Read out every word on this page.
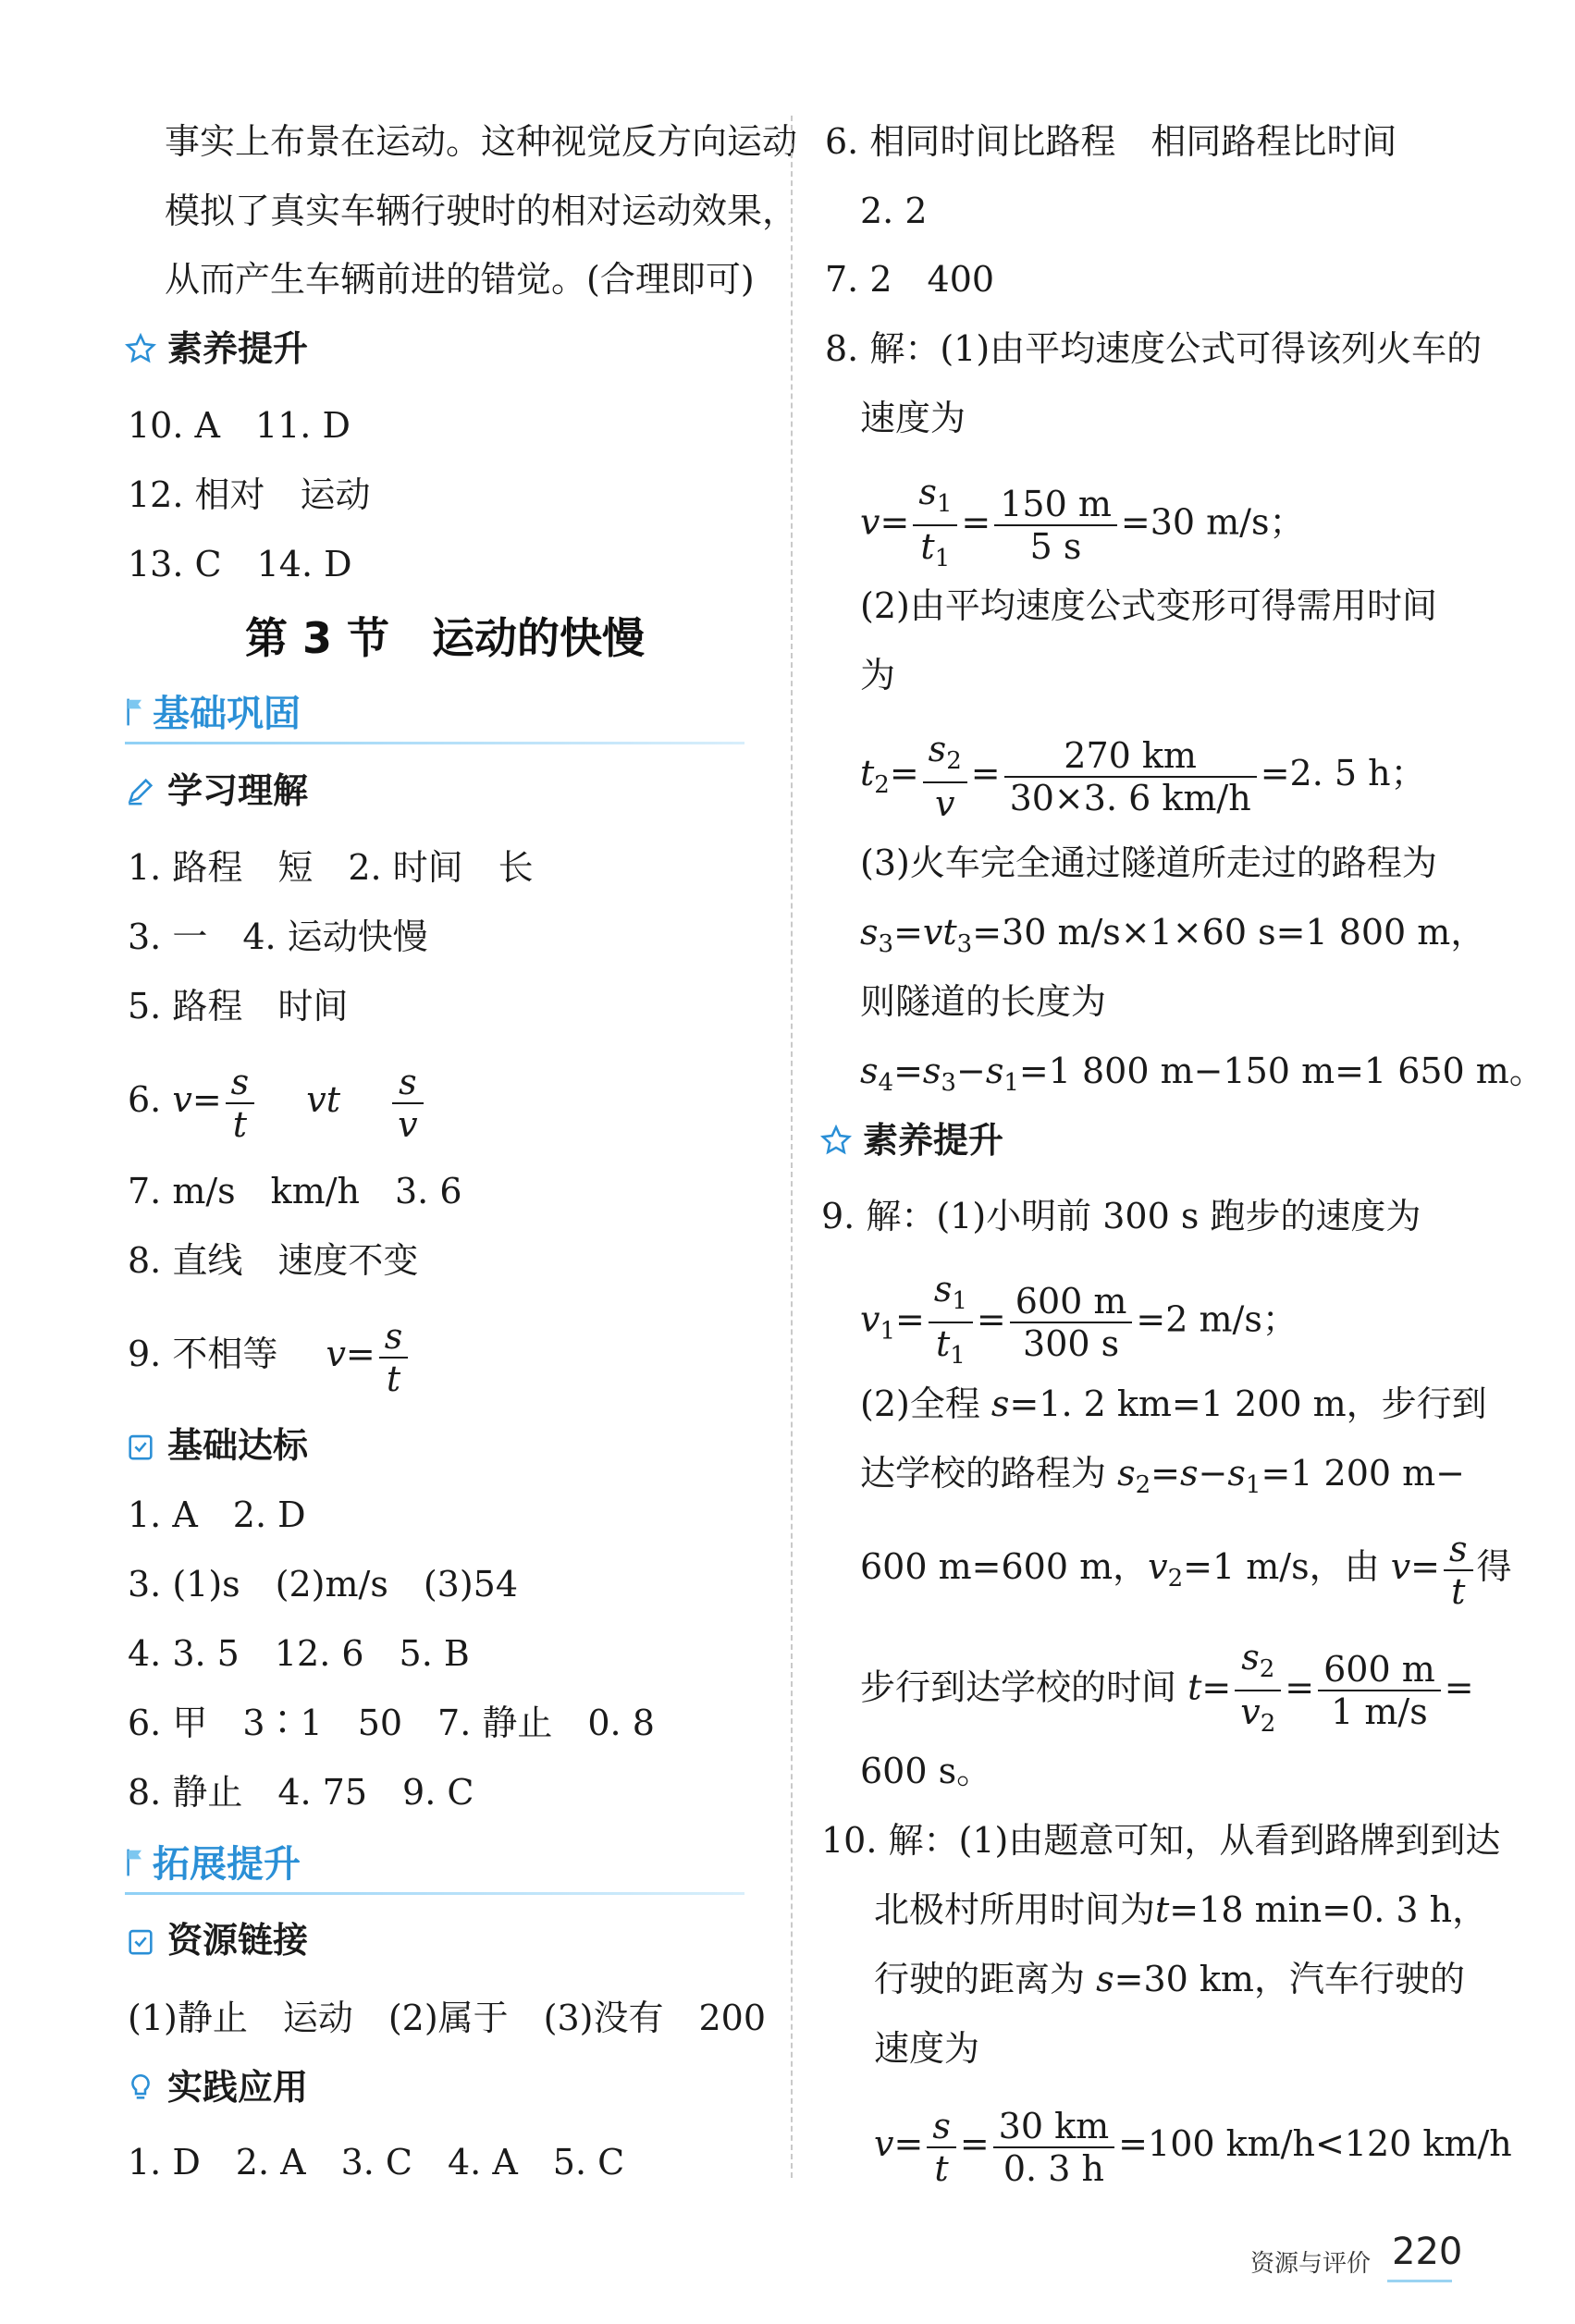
事实上布景在运动。这种视觉反方向运动
模拟了真实车辆行驶时的相对运动效果，
从而产生车辆前进的错觉。(合理即可)
素养提升
10. A　11. D
12. 相对　运动
13. C　14. D
第 3 节　运动的快慢
基础巩固
学习理解
1. 路程　短　2. 时间　长
3. 一　4. 运动快慢
5. 路程　时间
6. $v= \frac{s}{t}$ vt $\frac{s}{v}$
7. m/s　km/h　3. 6
8. 直线　速度不变
9. 不相等 $v= \frac{s}{t}$
基础达标
1. A　2. D
3. (1)s　(2)m/s　(3)54
4. 3. 5　12. 6　5. B
6. 甲　3∶1　50　7. 静止　0. 8
8. 静止　4. 75　9. C
拓展提升
资源链接
(1)静止　运动　(2)属于　(3)没有　200
实践应用
1. D　2. A　3. C　4. A　5. C
6. 相同时间比路程　相同路程比时间
2. 2
7. 2　400
8. 解：(1)由平均速度公式可得该列火车的
速度为
$v= \frac{s_1}{t_1} = \frac{150 m}{5 s} =30$ m/s；
(2)由平均速度公式变形可得需用时间
为
$t_2= \frac{s_2}{v} = \frac{270 km}{30\times 3. 6 km/h} =2$. 5 h；
(3)火车完全通过隧道所走过的路程为
$s_3=vt_3=30$ m/s×1×60 s=1 800 m，
则隧道的长度为
$s_4=s_3-s_1=1$ 800 m−150 m=1 650 m。
素养提升
9. 解：(1)小明前 300 s 跑步的速度为
$v_1= \frac{s_1}{t_1} = \frac{600 m}{300 s} =2$ m/s；
(2)全程 s=1. 2 km=1 200 m，步行到
达学校的路程为 $s_2=s-s_1=1$ 200 m−
600 m=600 m，$v_2=1$ m/s，由 $v= \frac{s}{t}$ 得
步行到达学校的时间 $t= \frac{s_2}{v_2} = \frac{600 m}{1 m/s}$ =
600 s。
10. 解：(1)由题意可知，从看到路牌到到达
北极村所用时间为t=18 min=0. 3 h，
行驶的距离为 s=30 km，汽车行驶的
速度为
$v= \frac{s}{t} = \frac{30 km}{0. 3 h} =100$ km/h<120 km/h
资源与评价 220
